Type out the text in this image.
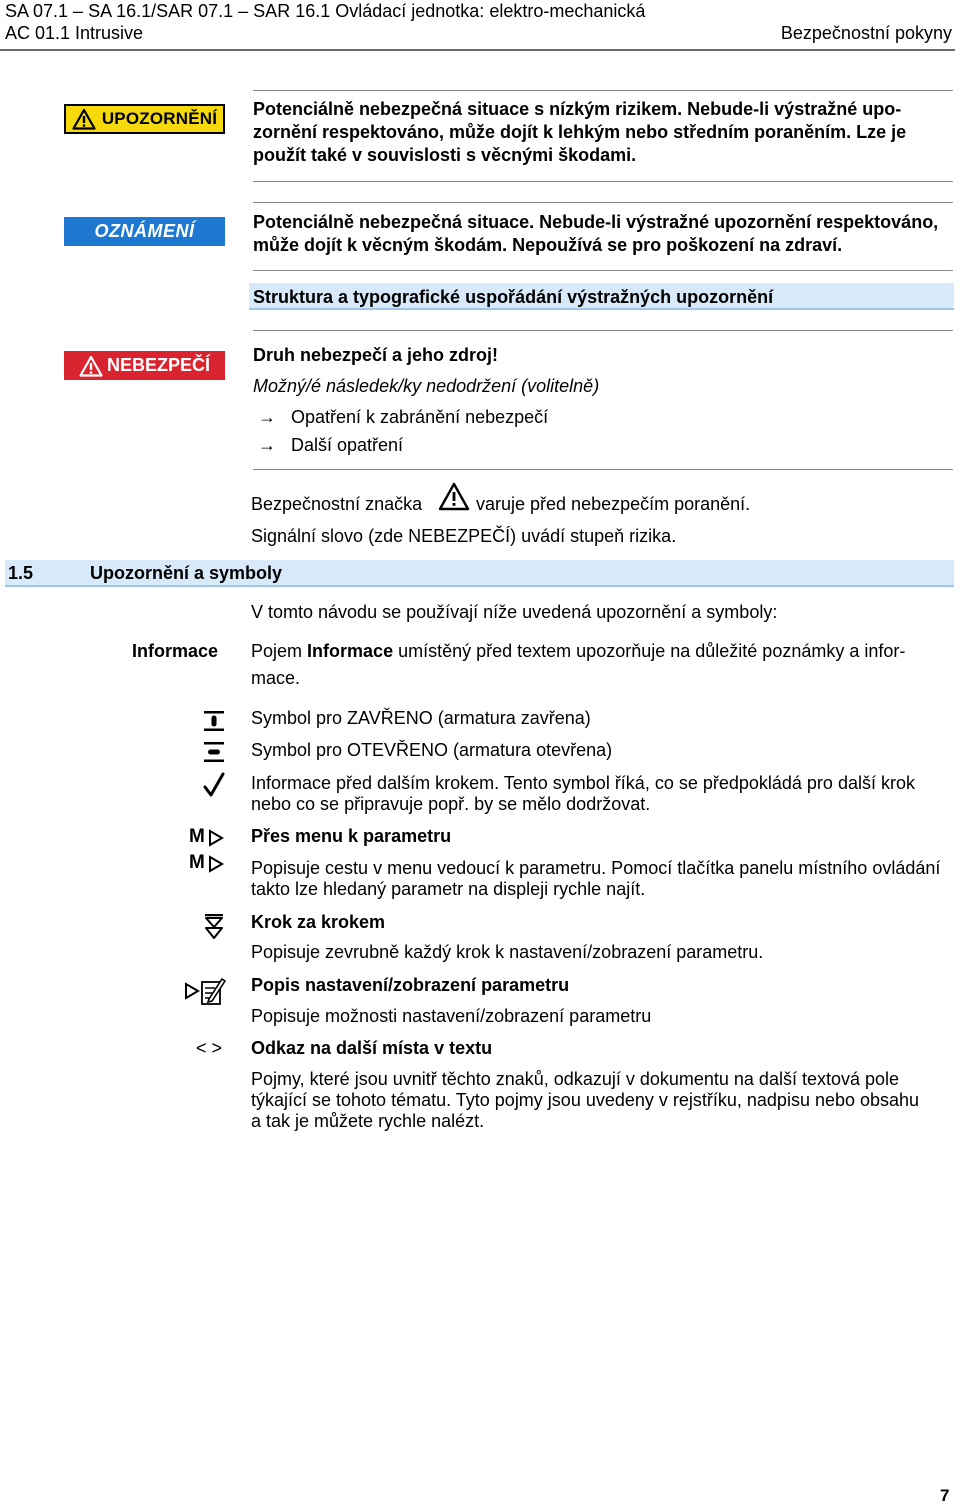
SA 07.1 – SA 16.1/SAR 07.1 – SAR 16.1 Ovládací jednotka: elektro-mechanická
AC 01.1 Intrusive	Bezpečnostní pokyny
UPOZORNĚNÍ Potenciálně nebezpečná situace s nízkým rizikem. Nebude-li výstražné upo-
zornění respektováno, může dojít k lehkým nebo středním poraněním. Lze je
použít také v souvislosti s věcnými škodami.
OZNÁMENÍ	Potenciálně nebezpečná situace. Nebude-li výstražné upozornění respektováno,
může dojít k věcným škodám. Nepoužívá se pro poškození na zdraví.
Struktura a typografické uspořádání výstražných upozornění
NEBEZPEČÍ Druh nebezpečí a jeho zdroj!
Možný/é následek/ky nedodržení (volitelně)
→ Opatření k zabránění nebezpečí
→ Další opatření
Bezpečnostní značka	varuje před nebezpečím poranění.
Signální slovo (zde NEBEZPEČÍ) uvádí stupeň rizika.
1.5	Upozornění a symboly
V tomto návodu se používají níže uvedená upozornění a symboly:
Informace Pojem Informace umístěný před textem upozorňuje na důležité poznámky a infor-
mace.
Symbol pro ZAVŘENO (armatura zavřena)
Symbol pro OTEVŘENO (armatura otevřena)
Informace před dalším krokem. Tento symbol říká, co se předpokládá pro další krok
nebo co se připravuje popř. by se mělo dodržovat.
M
M
Přes menu k parametru
Popisuje cestu v menu vedoucí k parametru. Pomocí tlačítka panelu místního ovládání
takto lze hledaný parametr na displeji rychle najít.
Krok za krokem
Popisuje zevrubně každý krok k nastavení/zobrazení parametru.
Popis nastavení/zobrazení parametru
Popisuje možnosti nastavení/zobrazení parametru
< > Odkaz na další místa v textu
Pojmy, které jsou uvnitř těchto znaků, odkazují v dokumentu na další textová pole
týkající se tohoto tématu. Tyto pojmy jsou uvedeny v rejstříku, nadpisu nebo obsahu
a tak je můžete rychle nalézt.
7
